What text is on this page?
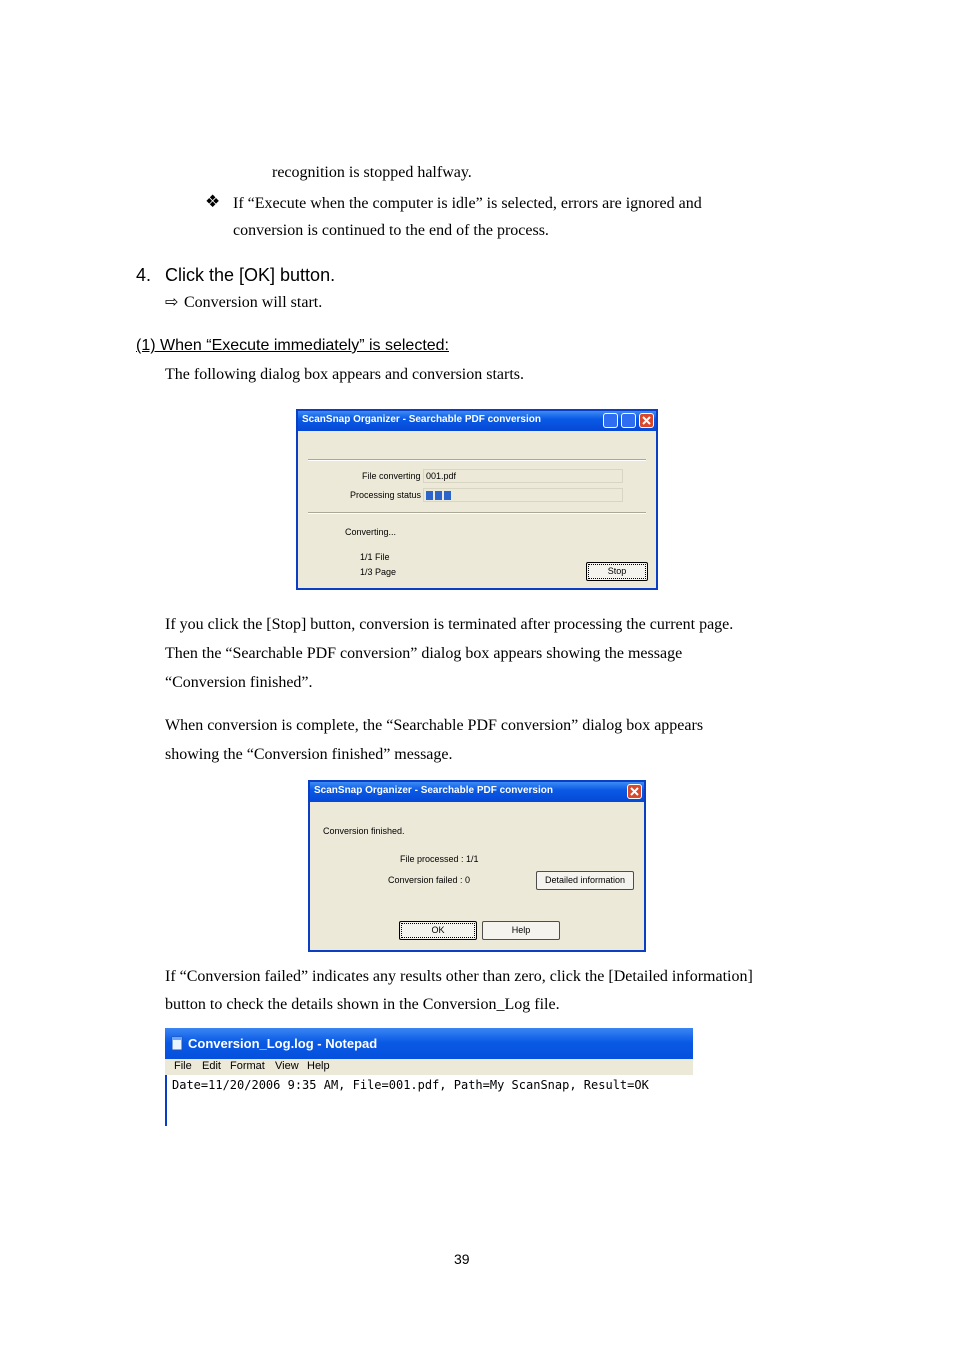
recognition is stopped halfway.
❖ If “Execute when the computer is idle” is selected, errors are ignored and
conversion is continued to the end of the process.
4. Click the [OK] button.
⇨ Conversion will start.
(1) When “Execute immediately” is selected:
The following dialog box appears and conversion starts.
ScanSnap Organizer - Searchable PDF conversion
File converting 001.pdf
Processing status
Converting...
1/1 File
1/3 Page	Stop
If you click the [Stop] button, conversion is terminated after processing the current page.
Then the “Searchable PDF conversion” dialog box appears showing the message
“Conversion finished”.
When conversion is complete, the “Searchable PDF conversion” dialog box appears
showing the “Conversion finished” message.
ScanSnap Organizer - Searchable PDF conversion
Conversion finished.
File processed : 1/1
Conversion failed : 0	Detailed information
OK	Help
If “Conversion failed” indicates any results other than zero, click the [Detailed information]
button to check the details shown in the Conversion_Log file.
Conversion_Log.log - Notepad
File Edit Format View Help
Date=11/20/2006 9:35 AM, File=001.pdf, Path=My ScanSnap, Result=OK
39
